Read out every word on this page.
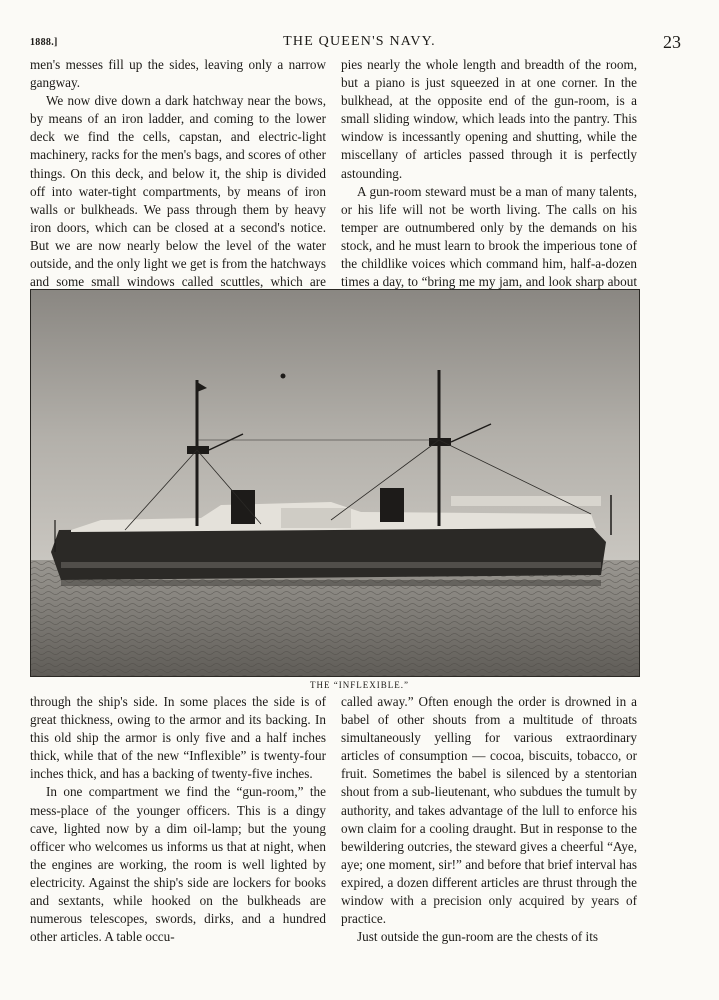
1888.]	THE QUEEN'S NAVY.	23

men's messes fill up the sides, leaving only a narrow gangway.

We now dive down a dark hatchway near the bows, by means of an iron ladder, and coming to the lower deck we find the cells, capstan, and electric-light machinery, racks for the men's bags, and scores of other things. On this deck, and below it, the ship is divided off into water-tight compartments, by means of iron walls or bulkheads. We pass through them by heavy iron doors, which can be closed at a second's notice. But we are now nearly below the level of the water outside, and the only light we get is from the hatchways and some small windows called scuttles, which are

pies nearly the whole length and breadth of the room, but a piano is just squeezed in at one corner. In the bulkhead, at the opposite end of the gun-room, is a small sliding window, which leads into the pantry. This window is incessantly opening and shutting, while the miscellany of articles passed through it is perfectly astounding.

A gun-room steward must be a man of many talents, or his life will not be worth living. The calls on his temper are outnumbered only by the demands on his stock, and he must learn to brook the imperious tone of the childlike voices which command him, half-a-dozen times a day, to “bring me my jam, and look sharp about

THE “INFLEXIBLE.”

through the ship's side. In some places the side is of great thickness, owing to the armor and its backing. In this old ship the armor is only five and a half inches thick, while that of the new “Inflexible” is twenty-four inches thick, and has a backing of twenty-five inches.

In one compartment we find the “gun-room,” the mess-place of the younger officers. This is a dingy cave, lighted now by a dim oil-lamp; but the young officer who welcomes us informs us that at night, when the engines are working, the room is well lighted by electricity. Against the ship's side are lockers for books and sextants, while hooked on the bulkheads are numerous telescopes, swords, dirks, and a hundred other articles. A table occu-

called away.” Often enough the order is drowned in a babel of other shouts from a multitude of throats simultaneously yelling for various extraordinary articles of consumption — cocoa, biscuits, tobacco, or fruit. Sometimes the babel is silenced by a stentorian shout from a sub-lieutenant, who subdues the tumult by authority, and takes advantage of the lull to enforce his own claim for a cooling draught. But in response to the bewildering outcries, the steward gives a cheerful “Aye, aye; one moment, sir!” and before that brief interval has expired, a dozen different articles are thrust through the window with a precision only acquired by years of practice.

Just outside the gun-room are the chests of its
